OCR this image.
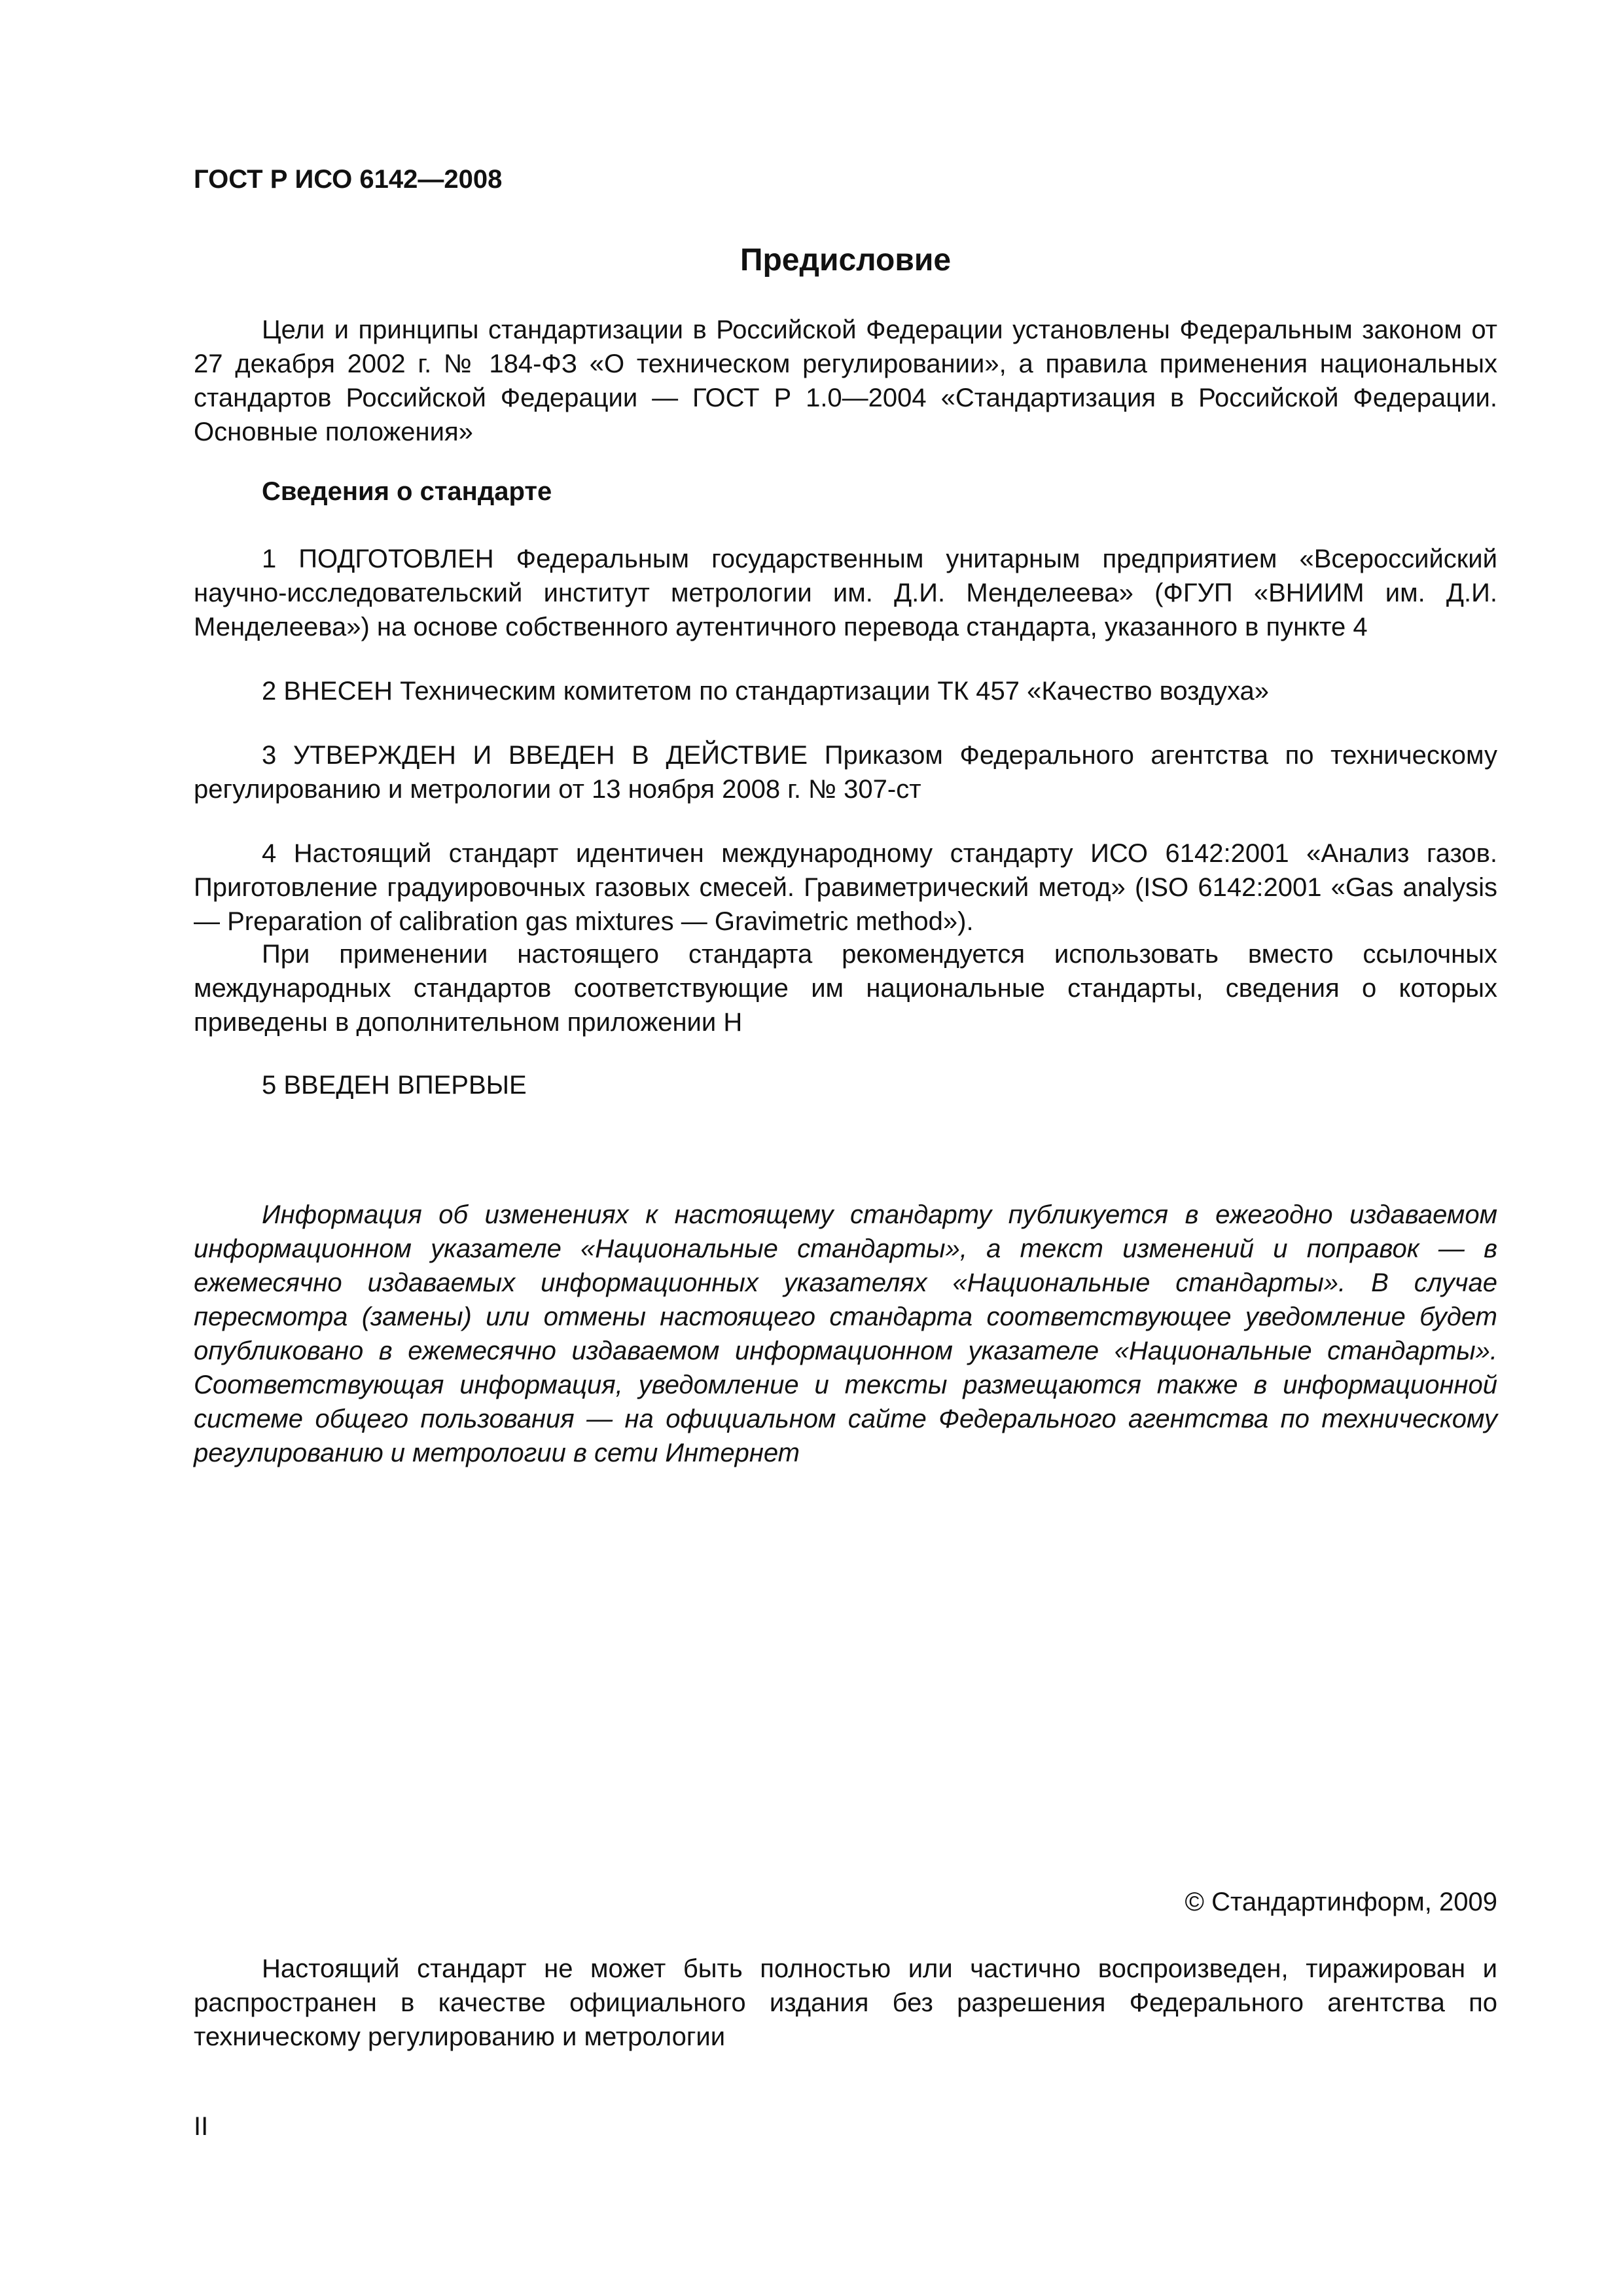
ГОСТ Р ИСО 6142—2008
Предисловие

Цели и принципы стандартизации в Российской Федерации установлены Федеральным законом от 27 декабря 2002 г. № 184-ФЗ «О техническом регулировании», а правила применения национальных стандартов Российской Федерации — ГОСТ Р 1.0—2004 «Стандартизация в Российской Федерации. Основные положения»

Сведения о стандарте

1 ПОДГОТОВЛЕН Федеральным государственным унитарным предприятием «Всероссийский научно-исследовательский институт метрологии им. Д.И. Менделеева» (ФГУП «ВНИИМ им. Д.И. Менделеева») на основе собственного аутентичного перевода стандарта, указанного в пункте 4

2 ВНЕСЕН Техническим комитетом по стандартизации ТК 457 «Качество воздуха»

3 УТВЕРЖДЕН И ВВЕДЕН В ДЕЙСТВИЕ Приказом Федерального агентства по техническому регулированию и метрологии от 13 ноября 2008 г. № 307-ст

4 Настоящий стандарт идентичен международному стандарту ИСО 6142:2001 «Анализ газов. Приготовление градуировочных газовых смесей. Гравиметрический метод» (ISO 6142:2001 «Gas analysis — Preparation of calibration gas mixtures — Gravimetric method»).

При применении настоящего стандарта рекомендуется использовать вместо ссылочных международных стандартов соответствующие им национальные стандарты, сведения о которых приведены в дополнительном приложении Н

5 ВВЕДЕН ВПЕРВЫЕ

Информация об изменениях к настоящему стандарту публикуется в ежегодно издаваемом информационном указателе «Национальные стандарты», а текст изменений и поправок — в ежемесячно издаваемых информационных указателях «Национальные стандарты». В случае пересмотра (замены) или отмены настоящего стандарта соответствующее уведомление будет опубликовано в ежемесячно издаваемом информационном указателе «Национальные стандарты». Соответствующая информация, уведомление и тексты размещаются также в информационной системе общего пользования — на официальном сайте Федерального агентства по техническому регулированию и метрологии в сети Интернет

© Стандартинформ, 2009

Настоящий стандарт не может быть полностью или частично воспроизведен, тиражирован и распространен в качестве официального издания без разрешения Федерального агентства по техническому регулированию и метрологии

II
